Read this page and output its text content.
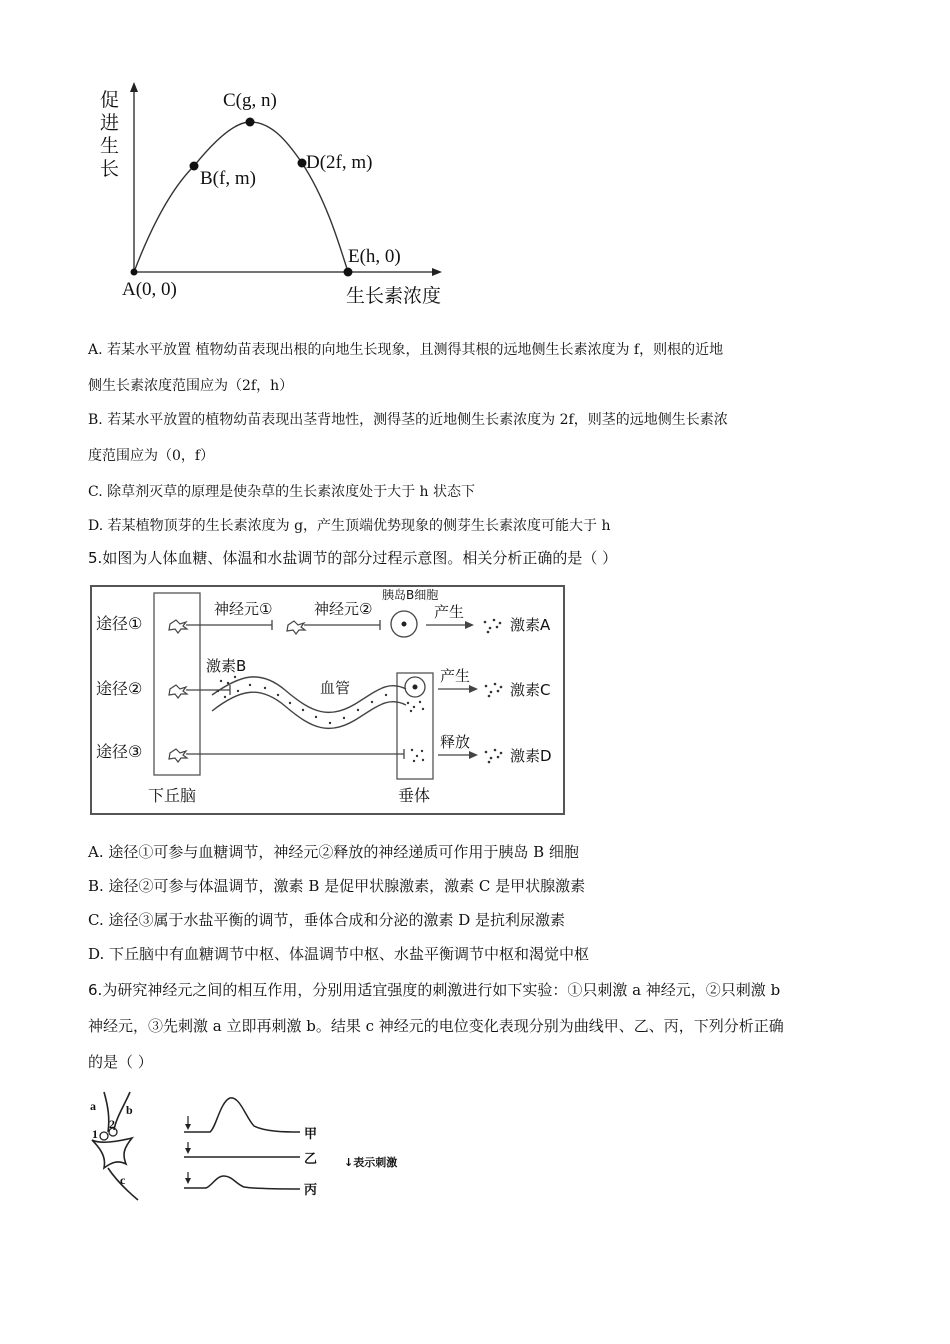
促 进 生 长
A(0, 0)
B(f, m)
C(g, n)
D(2f, m)
E(h, 0)
生长素浓度
A. 若某水平放置 植物幼苗表现出根的向地生长现象，且测得其根的远地侧生长素浓度为 f，则根的近地
侧生长素浓度范围应为（2f，h）
B. 若某水平放置的植物幼苗表现出茎背地性，测得茎的近地侧生长素浓度为 2f，则茎的远地侧生长素浓
度范围应为（0，f）
C. 除草剂灭草的原理是使杂草的生长素浓度处于大于 h 状态下
D. 若某植物顶芽的生长素浓度为 g，产生顶端优势现象的侧芽生长素浓度可能大于 h
5.如图为人体血糖、体温和水盐调节的部分过程示意图。相关分析正确的是（ ）
途径①
途径②
途径③
神经元①	神经元②
胰岛B细胞
产生
激素A
激素B
血管
产生
激素C
释放
激素D
下丘脑	垂体
A. 途径①可参与血糖调节，神经元②释放的神经递质可作用于胰岛 B 细胞
B. 途径②可参与体温调节，激素 B 是促甲状腺激素，激素 C 是甲状腺激素
C. 途径③属于水盐平衡的调节，垂体合成和分泌的激素 D 是抗利尿激素
D. 下丘脑中有血糖调节中枢、体温调节中枢、水盐平衡调节中枢和渴觉中枢
6.为研究神经元之间的相互作用，分别用适宜强度的刺激进行如下实验：①只刺激 a 神经元，②只刺激 b
神经元，③先刺激 a 立即再刺激 b。结果 c 神经元的电位变化表现分别为曲线甲、乙、丙，下列分析正确
的是（ ）
a	b
c
1
2
甲
乙
丙
↓表示刺激
